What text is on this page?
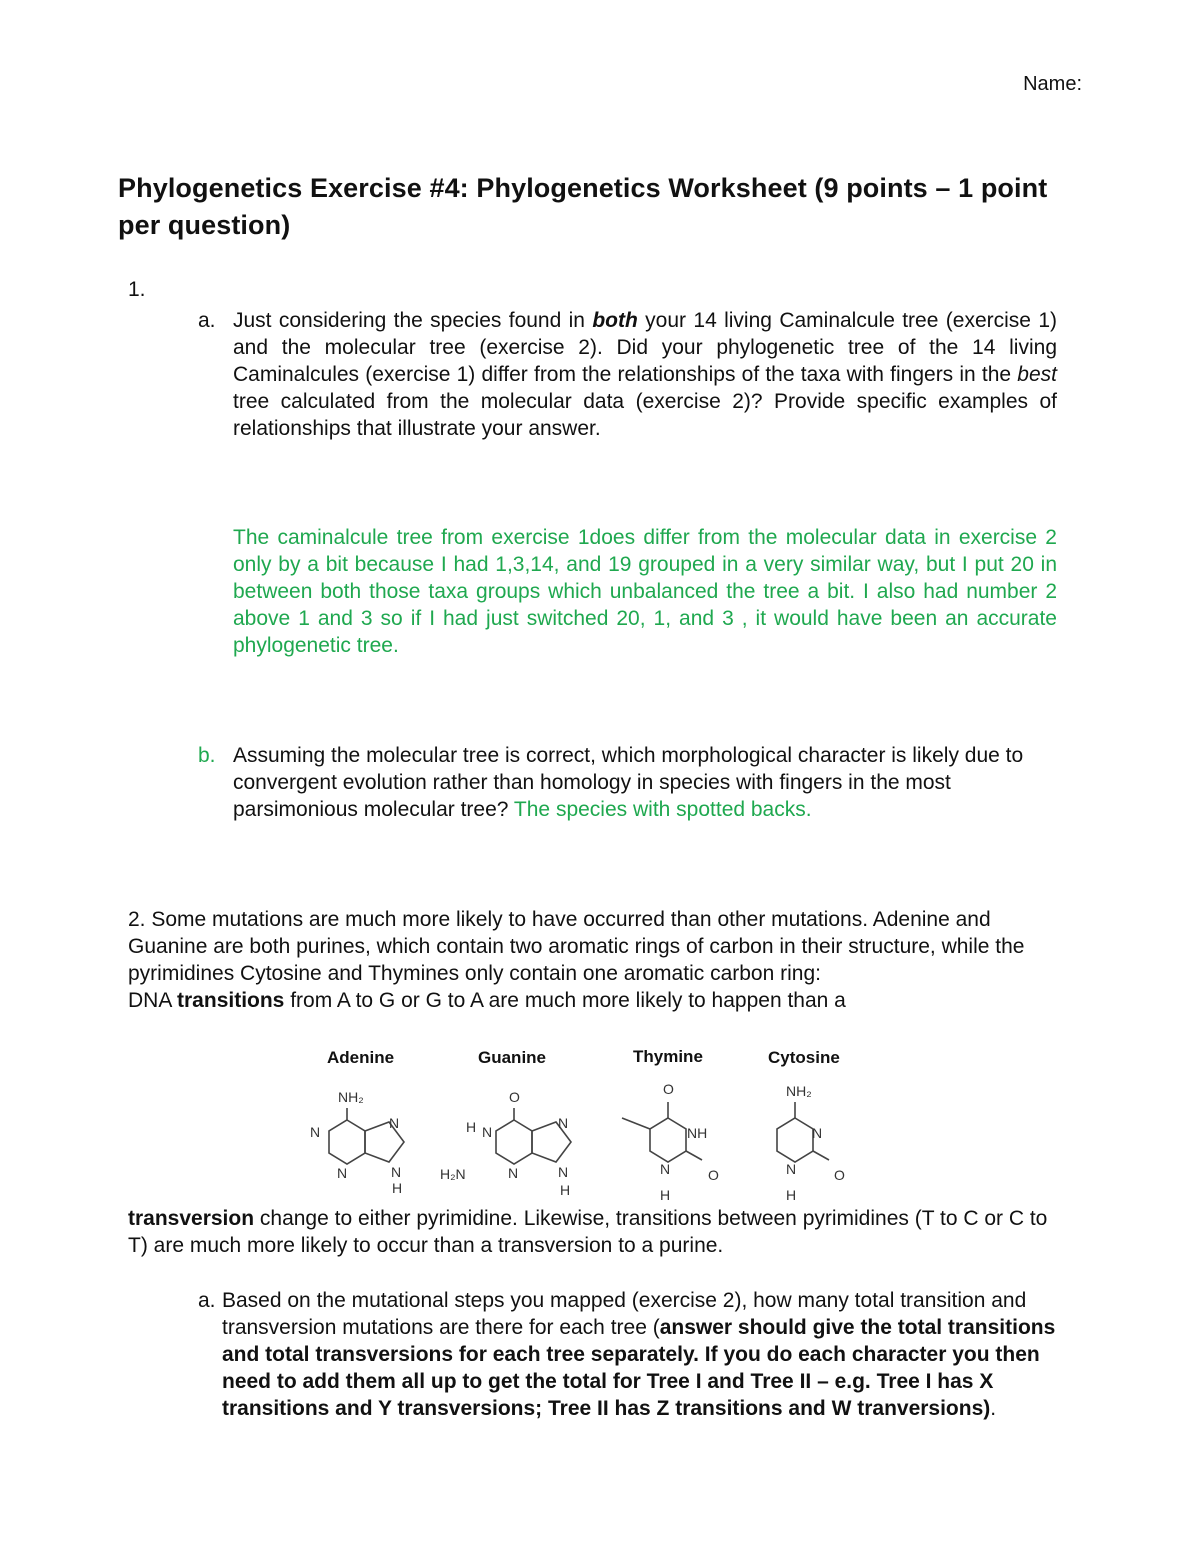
Name:
Phylogenetics Exercise #4: Phylogenetics Worksheet (9 points – 1 point per question)
1.
a. Just considering the species found in both your 14 living Caminalcule tree (exercise 1) and the molecular tree (exercise 2). Did your phylogenetic tree of the 14 living Caminalcules (exercise 1) differ from the relationships of the taxa with fingers in the best tree calculated from the molecular data (exercise 2)? Provide specific examples of relationships that illustrate your answer.
The caminalcule tree from exercise 1does differ from the molecular data in exercise 2 only by a bit because I had 1,3,14, and 19 grouped in a very similar way, but I put 20 in between both those taxa groups which unbalanced the tree a bit. I also had number 2 above 1 and 3 so if I had just switched 20, 1, and 3 , it would have been an accurate phylogenetic tree.
b. Assuming the molecular tree is correct, which morphological character is likely due to convergent evolution rather than homology in species with fingers in the most parsimonious molecular tree? The species with spotted backs.
2. Some mutations are much more likely to have occurred than other mutations. Adenine and Guanine are both purines, which contain two aromatic rings of carbon in their structure, while the pyrimidines Cytosine and Thymines only contain one aromatic carbon ring:
DNA transitions from A to G or G to A are much more likely to happen than a
Adenine
NH₂
N
N
N
N
H
Guanine
O
H N
H₂N	N
N
N
H
Thymine
O
NH
N	O
H
Cytosine
NH₂
N
N	O
H
transversion change to either pyrimidine. Likewise, transitions between pyrimidines (T to C or C to T) are much more likely to occur than a transversion to a purine.
a. Based on the mutational steps you mapped (exercise 2), how many total transition and transversion mutations are there for each tree (answer should give the total transitions and total transversions for each tree separately. If you do each character you then need to add them all up to get the total for Tree I and Tree II – e.g. Tree I has X transitions and Y transversions; Tree II has Z transitions and W tranversions).
